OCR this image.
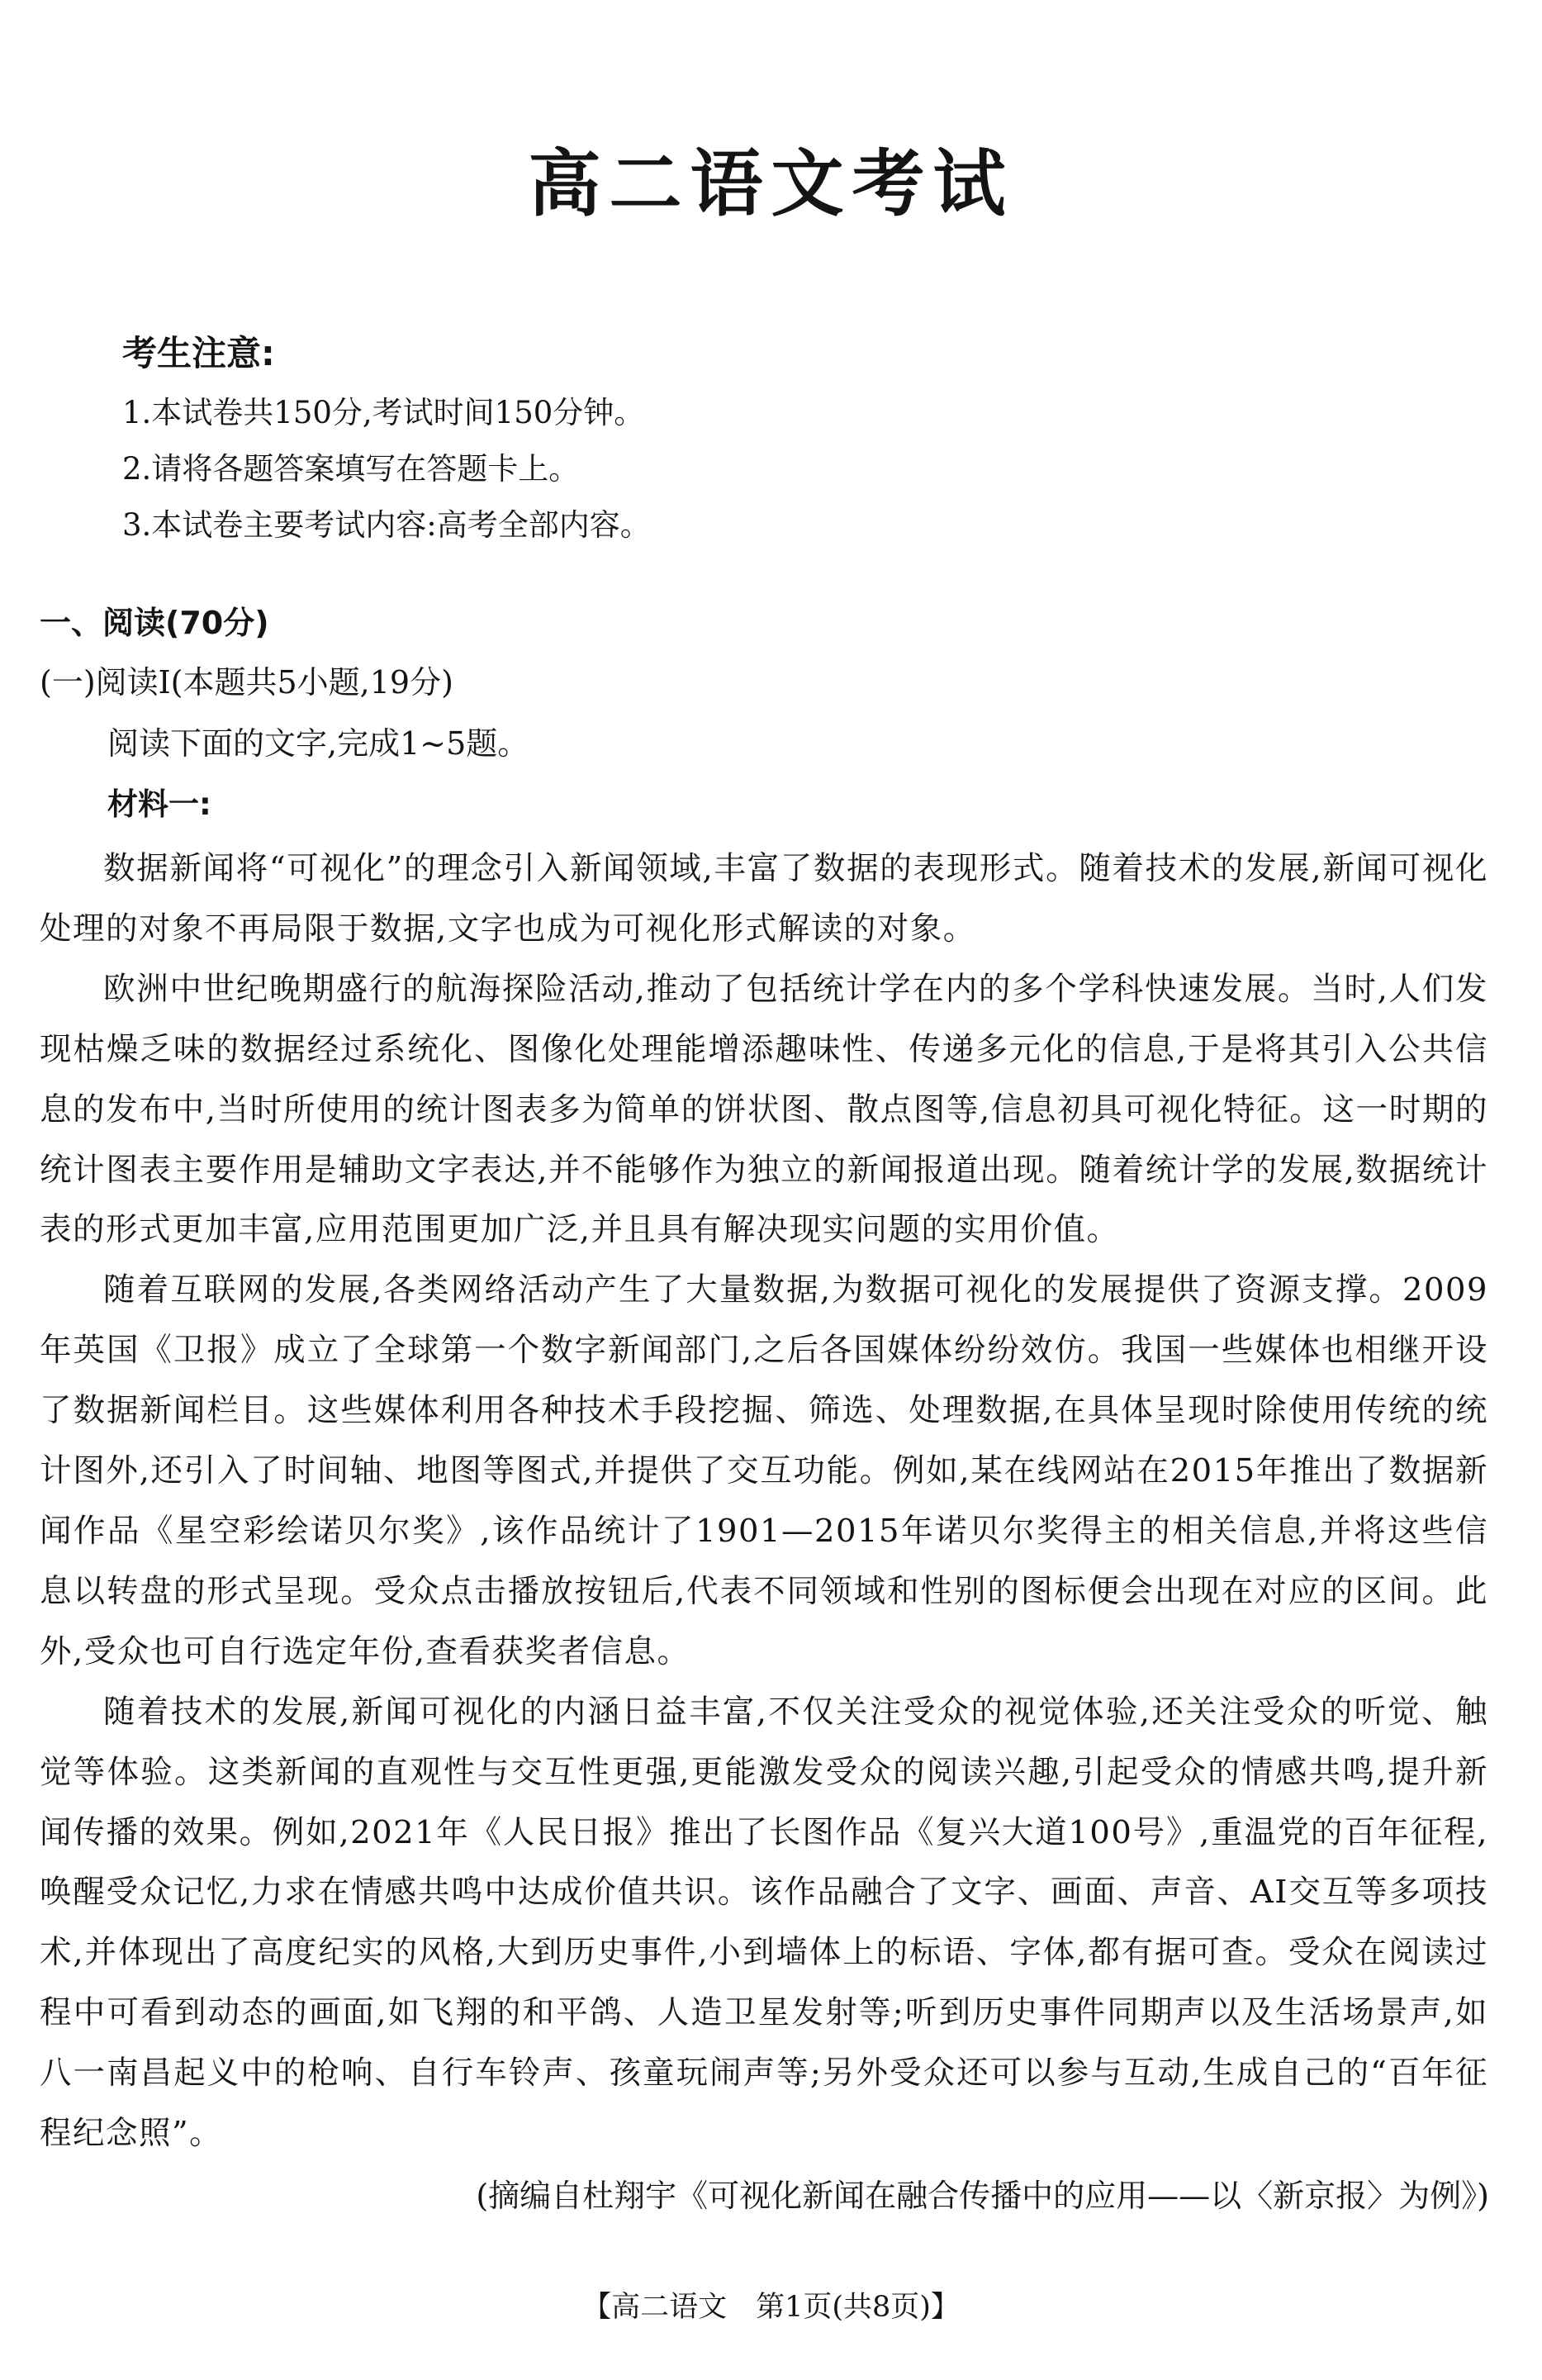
高二语文考试
考生注意:
1.本试卷共150分,考试时间150分钟。
2.请将各题答案填写在答题卡上。
3.本试卷主要考试内容:高考全部内容。
一、阅读(70分)
(一)阅读Ⅰ(本题共5小题,19分)
阅读下面的文字,完成1~5题。
材料一:

数据新闻将“可视化”的理念引入新闻领域,丰富了数据的表现形式。随着技术的发展,新闻可视化处理的对象不再局限于数据,文字也成为可视化形式解读的对象。

欧洲中世纪晚期盛行的航海探险活动,推动了包括统计学在内的多个学科快速发展。当时,人们发现枯燥乏味的数据经过系统化、图像化处理能增添趣味性、传递多元化的信息,于是将其引入公共信息的发布中,当时所使用的统计图表多为简单的饼状图、散点图等,信息初具可视化特征。这一时期的统计图表主要作用是辅助文字表达,并不能够作为独立的新闻报道出现。随着统计学的发展,数据统计表的形式更加丰富,应用范围更加广泛,并且具有解决现实问题的实用价值。

随着互联网的发展,各类网络活动产生了大量数据,为数据可视化的发展提供了资源支撑。2009年英国《卫报》成立了全球第一个数字新闻部门,之后各国媒体纷纷效仿。我国一些媒体也相继开设了数据新闻栏目。这些媒体利用各种技术手段挖掘、筛选、处理数据,在具体呈现时除使用传统的统计图外,还引入了时间轴、地图等图式,并提供了交互功能。例如,某在线网站在2015年推出了数据新闻作品《星空彩绘诺贝尔奖》,该作品统计了1901—2015年诺贝尔奖得主的相关信息,并将这些信息以转盘的形式呈现。受众点击播放按钮后,代表不同领域和性别的图标便会出现在对应的区间。此外,受众也可自行选定年份,查看获奖者信息。

随着技术的发展,新闻可视化的内涵日益丰富,不仅关注受众的视觉体验,还关注受众的听觉、触觉等体验。这类新闻的直观性与交互性更强,更能激发受众的阅读兴趣,引起受众的情感共鸣,提升新闻传播的效果。例如,2021年《人民日报》推出了长图作品《复兴大道100号》,重温党的百年征程,唤醒受众记忆,力求在情感共鸣中达成价值共识。该作品融合了文字、画面、声音、AI交互等多项技术,并体现出了高度纪实的风格,大到历史事件,小到墙体上的标语、字体,都有据可查。受众在阅读过程中可看到动态的画面,如飞翔的和平鸽、人造卫星发射等;听到历史事件同期声以及生活场景声,如八一南昌起义中的枪响、自行车铃声、孩童玩闹声等;另外受众还可以参与互动,生成自己的“百年征程纪念照”。

(摘编自杜翔宇《可视化新闻在融合传播中的应用——以〈新京报〉为例》)
【高二语文　第1页(共8页)】
